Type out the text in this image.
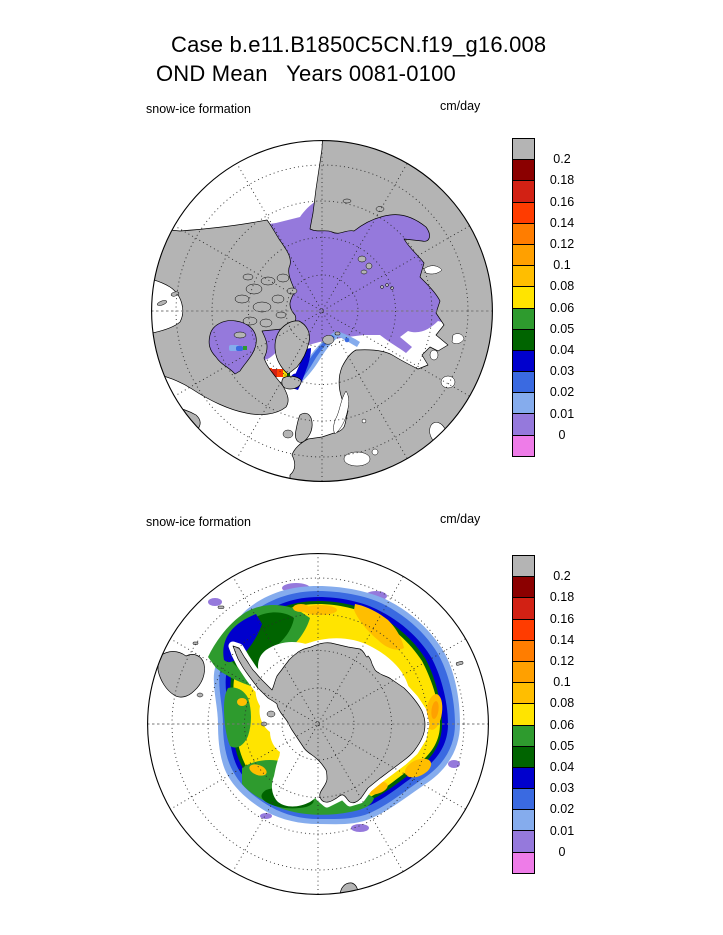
Case b.e11.B1850C5CN.f19_g16.008
OND Mean   Years 0081-0100
snow-ice formation	cm/day
0.2
0.18
0.16
0.14
0.12
0.1
0.08
0.06
0.05
0.04
0.03
0.02
0.01
0
snow-ice formation	cm/day
0.2
0.18
0.16
0.14
0.12
0.1
0.08
0.06
0.05
0.04
0.03
0.02
0.01
0
